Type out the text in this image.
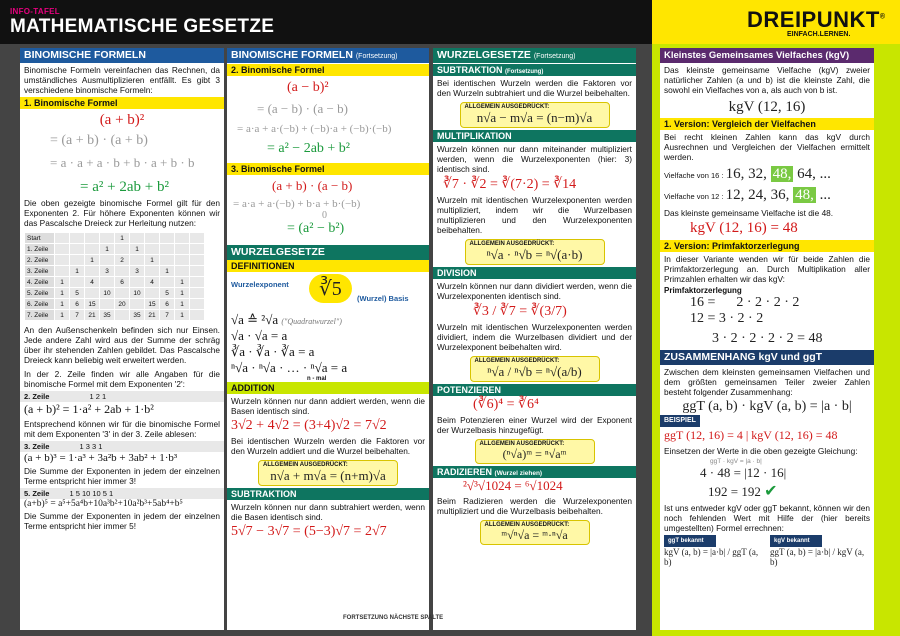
INFO-TAFEL
MATHEMATISCHE GESETZE	DREIPUNKT®
EINFACH.LERNEN.
BINOMISCHE FORMELN

Binomische Formeln vereinfachen das Rechnen, da umständliches Ausmultiplizieren entfällt. Es gibt 3 verschiedene binomische Formeln:

1. Binomische Formel
(a + b)²
= (a + b) · (a + b)
= a · a + a · b + b · a + b · b
= a² + 2ab + b²

Die oben gezeigte binomische Formel gilt für den Exponenten 2. Für höhere Exponenten können wir das Pascalsche Dreieck zur Herleitung nutzen:

Start					1					
1. Zeile				1		1				
2. Zeile			1		2		1			
3. Zeile		1		3		3		1		
4. Zeile	1		4		6		4		1	
5. Zeile	1	5		10		10		5	1	
6. Zeile	1	6	15		20		15	6	1	
7. Zeile	1	7	21	35		35	21	7	1	

An den Außenschenkeln befinden sich nur Einsen. Jede andere Zahl wird aus der Summe der schräg über ihr stehenden Zahlen gebildet. Das Pascalsche Dreieck kann beliebig weit erweitert werden.

In der 2. Zeile finden wir alle Angaben für die binomische Formel mit dem Exponenten '2':

2. Zeile	1 2 1
(a + b)² = 1·a² + 2ab + 1·b²

Entsprechend können wir für die binomische Formel mit dem Exponenten '3' in der 3. Zeile ablesen:

3. Zeile	1 3 3 1
(a + b)³ = 1·a³ + 3a²b + 3ab² + 1·b³

Die Summe der Exponenten in jedem der einzelnen Terme entspricht hier immer 3!

5. Zeile	1 5 10 10 5 1
(a+b)⁵ = a⁵+5a⁴b+10a³b²+10a²b³+5ab⁴+b⁵

Die Summe der Exponenten in jedem der einzelnen Terme entspricht hier immer 5!

BINOMISCHE FORMELN (Fortsetzung)
2. Binomische Formel
(a − b)²
= (a − b) · (a − b)
= a·a + a·(−b) + (−b)·a + (−b)·(−b)
= a² − 2ab + b²
3. Binomische Formel
(a + b) · (a − b)
= a·a + a·(−b) + b·a + b·(−b)
0
= (a² − b²)
WURZELGESETZE
DEFINITIONEN
Wurzelexponent	∛5	(Wurzel) Basis
√a ≙ ²√a ("Quadratwurzel")
√a · √a = a
∛a · ∛a · ∛a = a
ⁿ√a · ⁿ√a · … · ⁿ√a = a
n - mal
ADDITION

Wurzeln können nur dann addiert werden, wenn die Basen identisch sind.

3√2 + 4√2 = (3+4)√2 = 7√2

Bei identischen Wurzeln werden die Faktoren vor den Wurzeln addiert und die Wurzel beibehalten.

ALLGEMEIN AUSGEDRÜCKT:
n√a + m√a = (n+m)√a
SUBTRAKTION

Wurzeln können nur dann subtrahiert werden, wenn die Basen identisch sind.

5√7 − 3√7 = (5−3)√7 = 2√7
WURZELGESETZE (Fortsetzung)
SUBTRAKTION (Fortsetzung)

Bei identischen Wurzeln werden die Faktoren vor den Wurzeln subtrahiert und die Wurzel beibehalten.

ALLGEMEIN AUSGEDRÜCKT:
n√a − m√a = (n−m)√a
MULTIPLIKATION

Wurzeln können nur dann miteinander multipliziert werden, wenn die Wurzelexponenten (hier: 3) identisch sind.

∛7 · ∛2 = ∛(7·2) = ∛14

Wurzeln mit identischen Wurzelexponenten werden multipliziert, indem wir die Wurzelbasen multiplizieren und den Wurzelexponenten beibehalten.

ALLGEMEIN AUSGEDRÜCKT:
ⁿ√a · ⁿ√b = ⁿ√(a·b)
DIVISION

Wurzeln können nur dann dividiert werden, wenn die Wurzelexponenten identisch sind.

∛3 / ∛7 = ∛(3/7)

Wurzeln mit identischen Wurzelexponenten werden dividiert, indem die Wurzelbasen dividiert und der Wurzelexponent beibehalten wird.

ALLGEMEIN AUSGEDRÜCKT:
ⁿ√a / ⁿ√b = ⁿ√(a/b)
POTENZIEREN
(∛6)⁴ = ∛6⁴

Beim Potenzieren einer Wurzel wird der Exponent der Wurzelbasis hinzugefügt.

ALLGEMEIN AUSGEDRÜCKT:
(ⁿ√a)ᵐ = ⁿ√aᵐ
RADIZIEREN (Wurzel ziehen)
²√³√1024 = ⁶√1024

Beim Radizieren werden die Wurzelexponenten multipliziert und die Wurzelbasis beibehalten.

ALLGEMEIN AUSGEDRÜCKT:
ᵐ√ⁿ√a = ᵐ·ⁿ√a
Kleinstes Gemeinsames Vielfaches (kgV)

Das kleinste gemeinsame Vielfache (kgV) zweier natürlicher Zahlen (a und b) ist die kleinste Zahl, die sowohl ein Vielfaches von a, als auch von b ist.

kgV (12, 16)
1. Version: Vergleich der Vielfachen

Bei recht kleinen Zahlen kann das kgV durch Ausrechnen und Vergleichen der Vielfachen ermittelt werden.

Vielfache von 16 : 16, 32, 48, 64, ...
Vielfache von 12 : 12, 24, 36, 48, ...

Das kleinste gemeinsame Vielfache ist die 48.

kgV (12, 16) = 48
2. Version: Primfaktorzerlegung

In dieser Variante wenden wir für beide Zahlen die Primfaktorzerlegung an. Durch Multiplikation aller Primzahlen erhalten wir das kgV:

Primfaktorzerlegung
16 =      2 · 2 · 2 · 2
12 = 3 · 2 · 2
3 · 2 · 2 · 2 · 2 = 48
ZUSAMMENHANG kgV und ggT

Zwischen dem kleinsten gemeinsamen Vielfachen und dem größten gemeinsamen Teiler zweier Zahlen besteht folgender Zusammenhang:

ggT (a, b) · kgV (a, b) = |a · b|
BEISPIEL
ggT (12, 16) = 4 | kgV (12, 16) = 48

Einsetzen der Werte in die oben gezeigte Gleichung:

ggT · kgV = |a · b|
4 · 48 = |12 · 16|
192 = 192 ✔

Ist uns entweder kgV oder ggT bekannt, können wir den noch fehlenden Wert mit Hilfe der (hier bereits umgestellten) Formel errechnen:

ggT bekannt
kgV (a, b) = |a·b| / ggT (a, b)
kgV bekannt
ggT (a, b) = |a·b| / kgV (a, b)
FORTSETZUNG NÄCHSTE SPALTE
